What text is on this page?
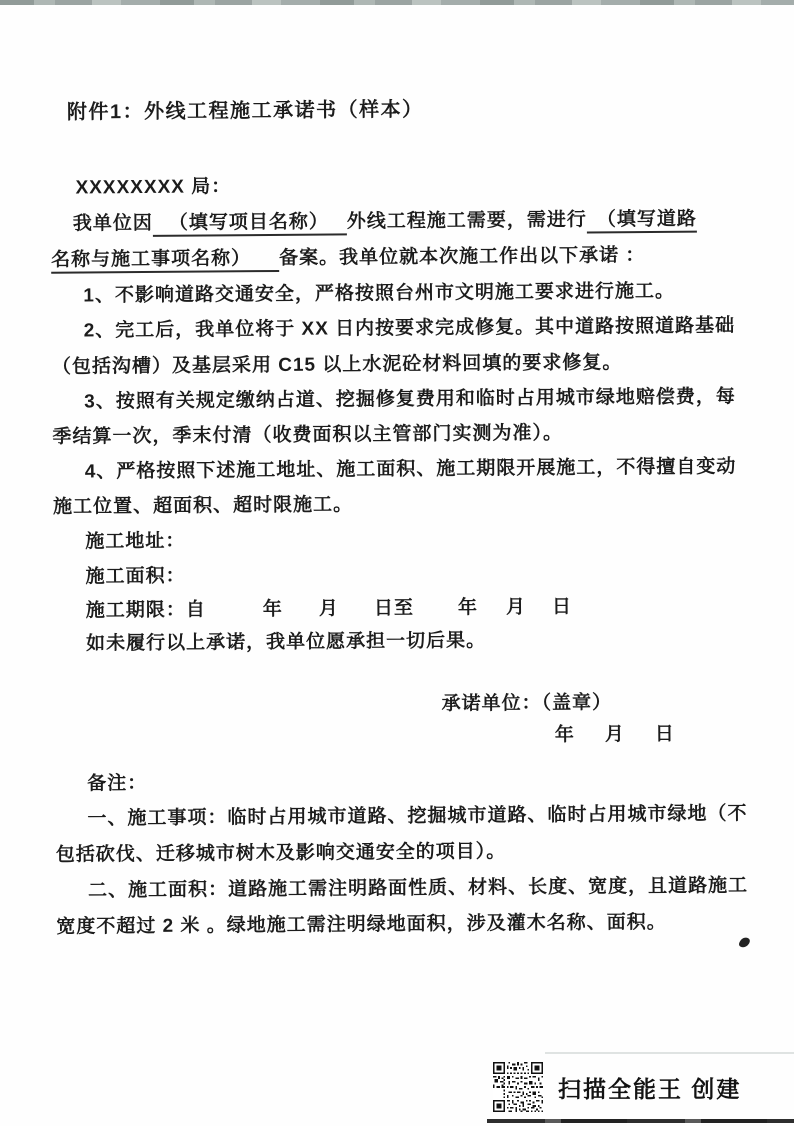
附件1：外线工程施工承诺书（样本）
XXXXXXXX 局：
我单位因 （填写项目名称） 外线工程施工需要，需进行 （填写道路
名称与施工事项名称） 备案。我单位就本次施工作出以下承诺 ：
1、不影响道路交通安全，严格按照台州市文明施工要求进行施工。
2、完工后，我单位将于 XX 日内按要求完成修复。其中道路按照道路基础
（包括沟槽）及基层采用 C15 以上水泥砼材料回填的要求修复。
3、按照有关规定缴纳占道、挖掘修复费用和临时占用城市绿地赔偿费，每
季结算一次，季末付清（收费面积以主管部门实测为准）。
4、严格按照下述施工地址、施工面积、施工期限开展施工，不得擅自变动
施工位置、超面积、超时限施工。
施工地址：
施工面积：
施工期限：自	年 月 日至 年 月 日
如未履行以上承诺，我单位愿承担一切后果。
承诺单位：（盖章）
年 月 日
备注：
一、施工事项：临时占用城市道路、挖掘城市道路、临时占用城市绿地（不
包括砍伐、迁移城市树木及影响交通安全的项目）。
二、施工面积：道路施工需注明路面性质、材料、长度、宽度，且道路施工
宽度不超过 2 米 。绿地施工需注明绿地面积，涉及灌木名称、面积。
扫描全能王 创建
